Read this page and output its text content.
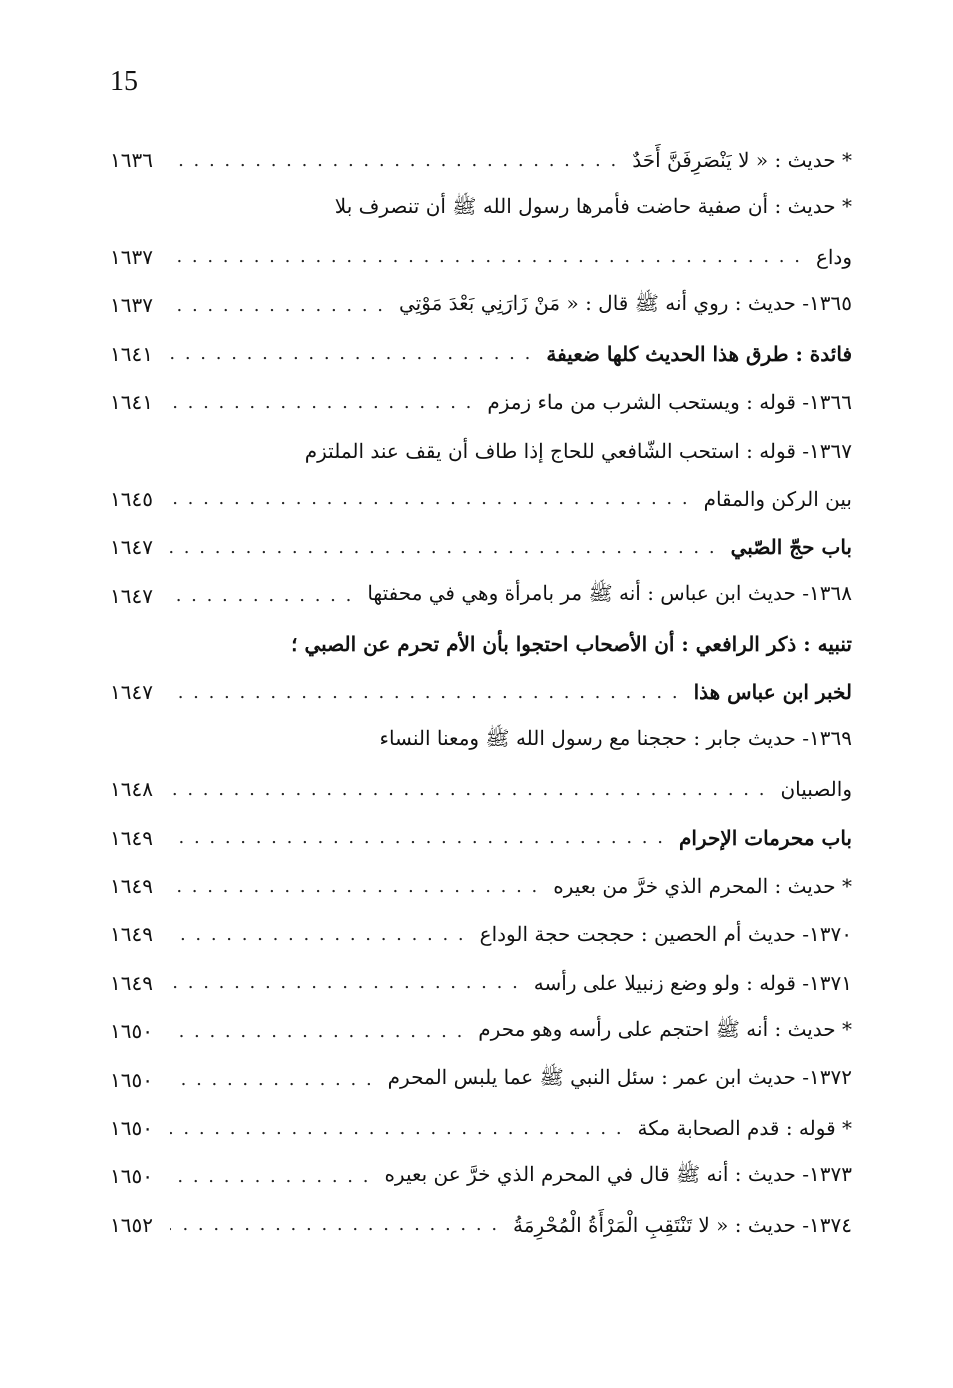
15
* حديث : « لا يَنْصَرِفَنَّ أَحَدٌ
. . .
١٦٣٦
* حديث : أن صفية حاضت فأمرها رسول الله ﷺ أن تنصرف بلا
وداع
. . .
١٦٣٧
١٣٦٥- حديث : روي أنه ﷺ قال : « مَنْ زَارَنِي بَعْدَ مَوْتِي
. . .
١٦٣٧
فائدة : طرق هذا الحديث كلها ضعيفة
. . .
١٦٤١
١٣٦٦- قوله : ويستحب الشرب من ماء زمزم
. . .
١٦٤١
١٣٦٧- قوله : استحب الشّافعي للحاج إذا طاف أن يقف عند الملتزم
بين الركن والمقام
. . .
١٦٤٥
باب حجّ الصّبي
. . .
١٦٤٧
١٣٦٨- حديث ابن عباس : أنه ﷺ مر بامرأة وهي في محفتها
. . .
١٦٤٧
تنبيه : ذكر الرافعي : أن الأصحاب احتجوا بأن الأم تحرم عن الصبي ؛
لخبر ابن عباس هذا
. . .
١٦٤٧
١٣٦٩- حديث جابر : حججنا مع رسول الله ﷺ ومعنا النساء
والصبيان
. . .
١٦٤٨
باب محرمات الإحرام
. . .
١٦٤٩
* حديث : المحرم الذي خرَّ من بعيره
. . .
١٦٤٩
١٣٧٠- حديث أم الحصين : حججت حجة الوداع
. . .
١٦٤٩
١٣٧١- قوله : ولو وضع زنبيلا على رأسه
. . .
١٦٤٩
* حديث : أنه ﷺ احتجم على رأسه وهو محرم
. . .
١٦٥٠
١٣٧٢- حديث ابن عمر : سئل النبي ﷺ عما يلبس المحرم
. . .
١٦٥٠
* قوله : قدم الصحابة مكة
. . .
١٦٥٠
١٣٧٣- حديث : أنه ﷺ قال في المحرم الذي خرَّ عن بعيره
. . .
١٦٥٠
١٣٧٤- حديث : « لا تَنْتَقِبِ الْمَرْأَةُ الْمُحْرِمَةُ
. . .
١٦٥٢
